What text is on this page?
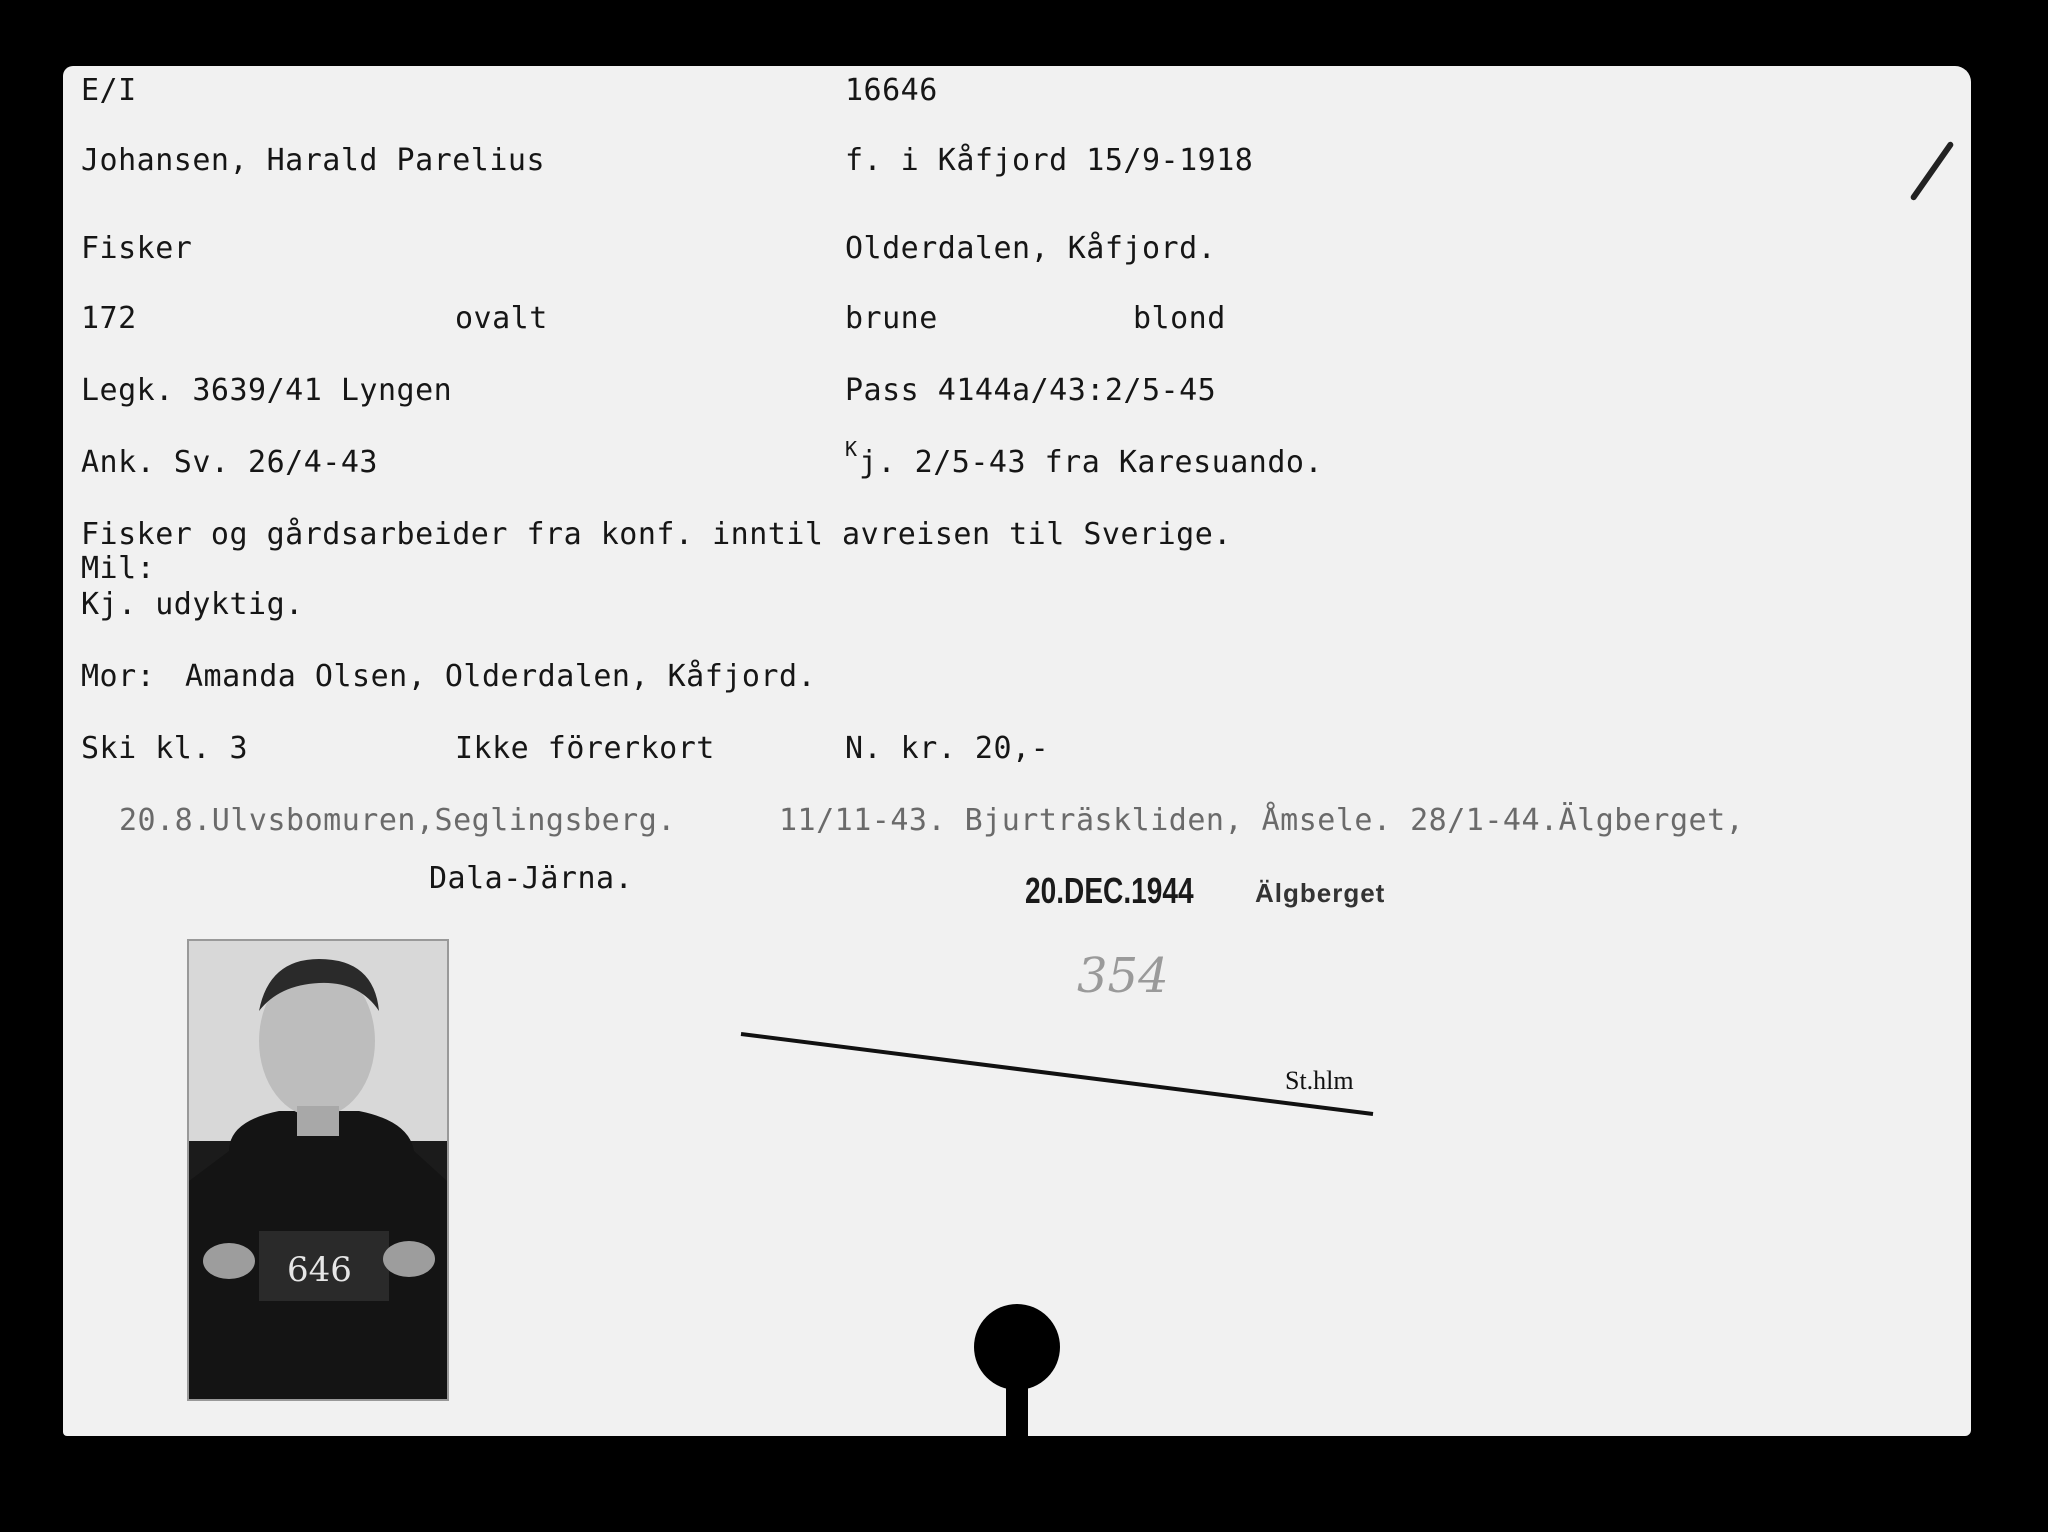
E/I	16646
Johansen, Harald Parelius	f. i Kåfjord 15/9-1918
Fisker	Olderdalen, Kåfjord.
172	ovalt	brune	blond
Legk. 3639/41 Lyngen	Pass 4144a/43:2/5-45
Ank. Sv. 26/4-43	K j. 2/5-43 fra Karesuando.
Fisker og gårdsarbeider fra konf. inntil avreisen til Sverige.
Mil:
Kj. udyktig.
Mor: Amanda Olsen, Olderdalen, Kåfjord.
Ski kl. 3	Ikke förerkort	N. kr. 20,-
20.8.Ulvsbomuren,Seglingsberg.	11/11-43. Bjurträskliden, Åmsele. 28/1-44.Älgberget,
Dala-Järna.	20.DEC.1944 Älgberget
354
St.hlm
646
